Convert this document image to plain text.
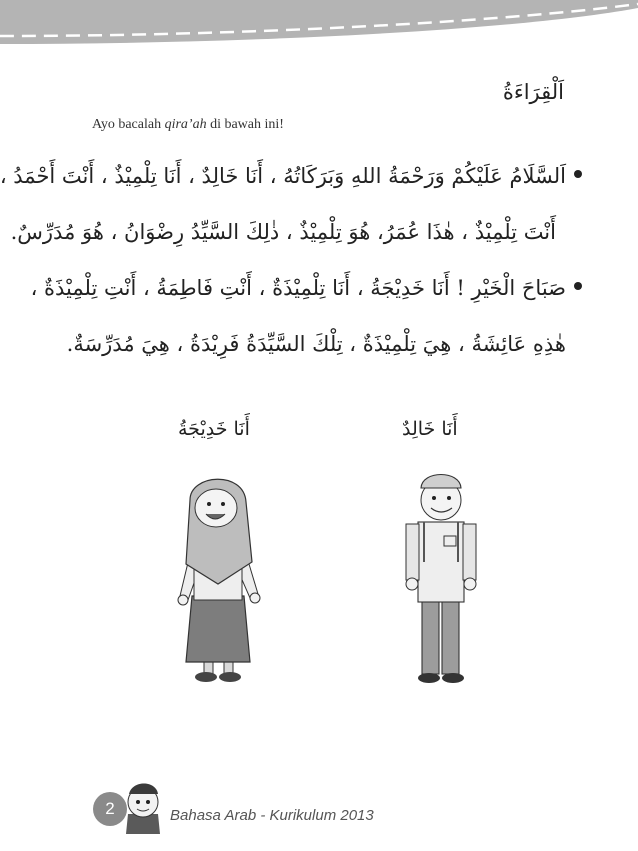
اَلْقِرَاءَةُ
Ayo bacalah qira’ah di bawah ini!
اَلسَّلَامُ عَلَيْكُمْ وَرَحْمَةُ اللهِ وَبَرَكَاتُهُ ، أَنَا خَالِدٌ ، أَنَا تِلْمِيْذٌ ، أَنْتَ أَحْمَدُ ،
أَنْتَ تِلْمِيْذٌ ، هٰذَا عُمَرُ، هُوَ تِلْمِيْذٌ ، ذٰلِكَ السَّيِّدُ رِضْوَانُ ، هُوَ مُدَرِّسٌ.
صَبَاحَ الْخَيْرِ ! أَنَا خَدِيْجَةُ ، أَنَا تِلْمِيْذَةٌ ، أَنْتِ فَاطِمَةُ ، أَنْتِ تِلْمِيْذَةٌ ،
هٰذِهِ عَائِشَةُ ، هِيَ تِلْمِيْذَةٌ ، تِلْكَ السَّيِّدَةُ فَرِيْدَةُ ، هِيَ مُدَرِّسَةٌ.
أَنَا خَدِيْجَةُ	أَنَا خَالِدٌ
2	Bahasa Arab - Kurikulum 2013
